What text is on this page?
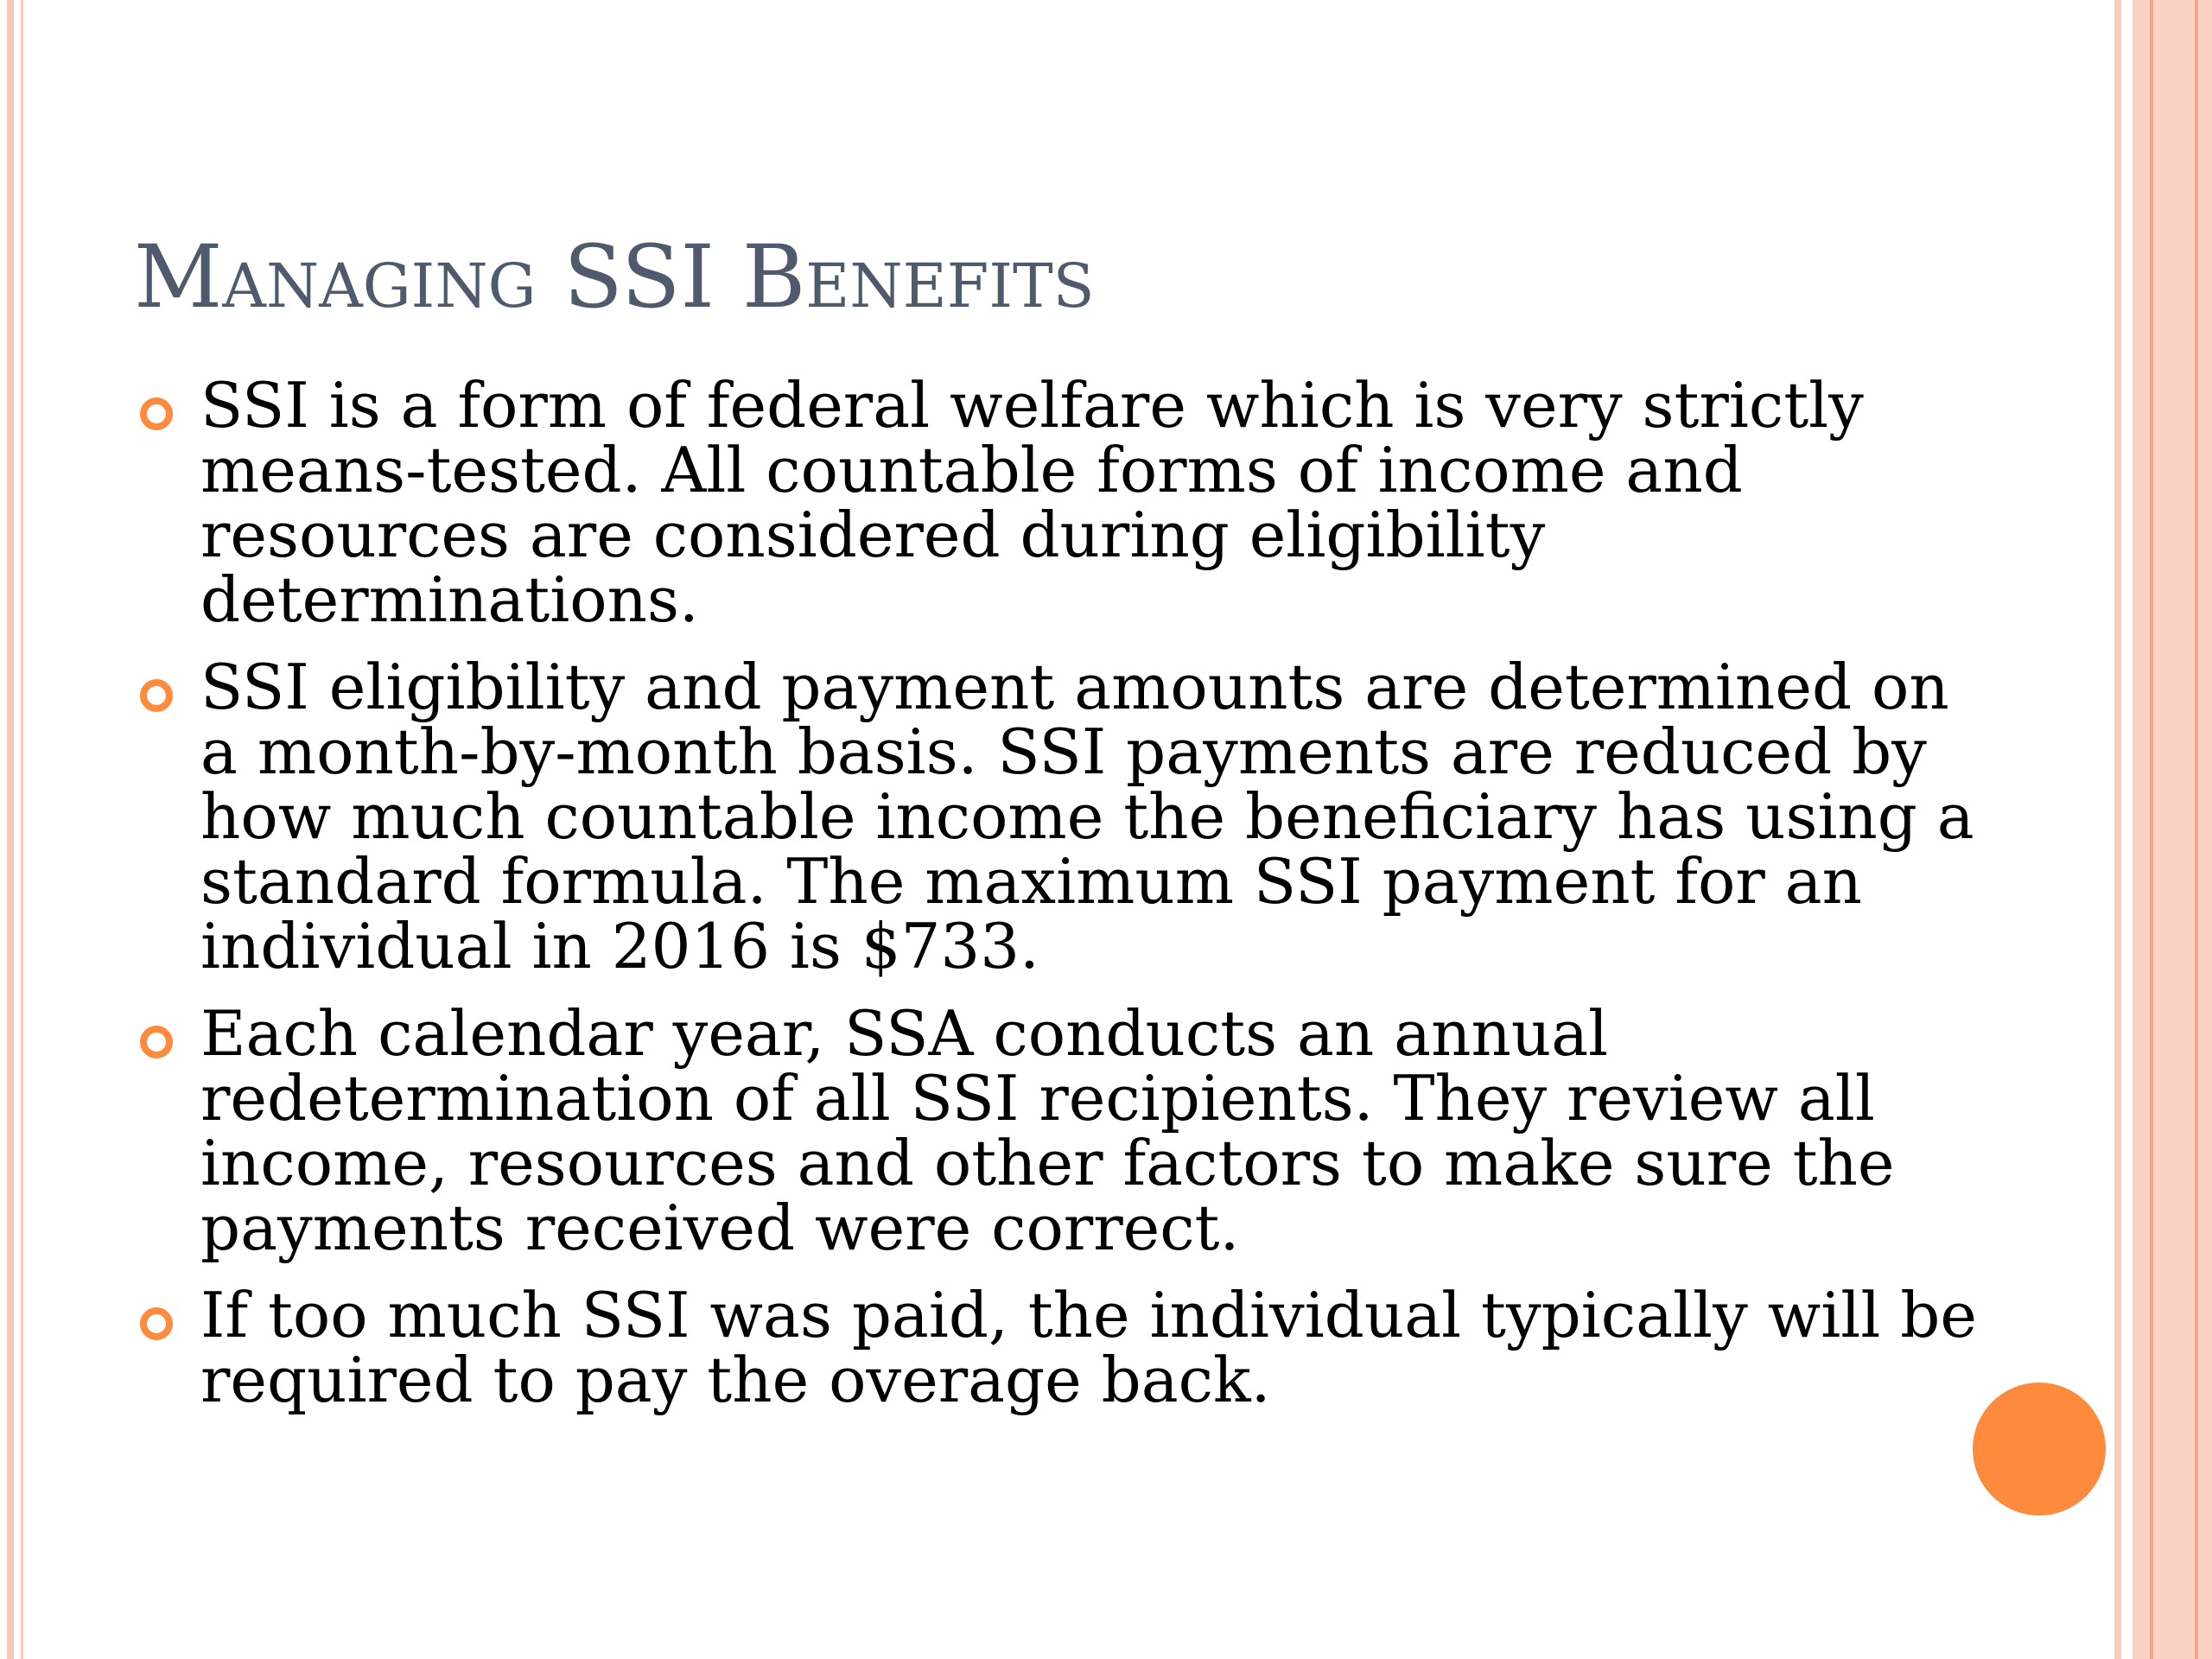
Managing SSI Benefits
SSI is a form of federal welfare which is very strictly means-tested. All countable forms of income and resources are considered during eligibility determinations.
SSI eligibility and payment amounts are determined on a month-by-month basis. SSI payments are reduced by how much countable income the beneficiary has using a standard formula. The maximum SSI payment for an individual in 2016 is $733.
Each calendar year, SSA conducts an annual redetermination of all SSI recipients. They review all income, resources and other factors to make sure the payments received were correct.
If too much SSI was paid, the individual typically will be required to pay the overage back.
